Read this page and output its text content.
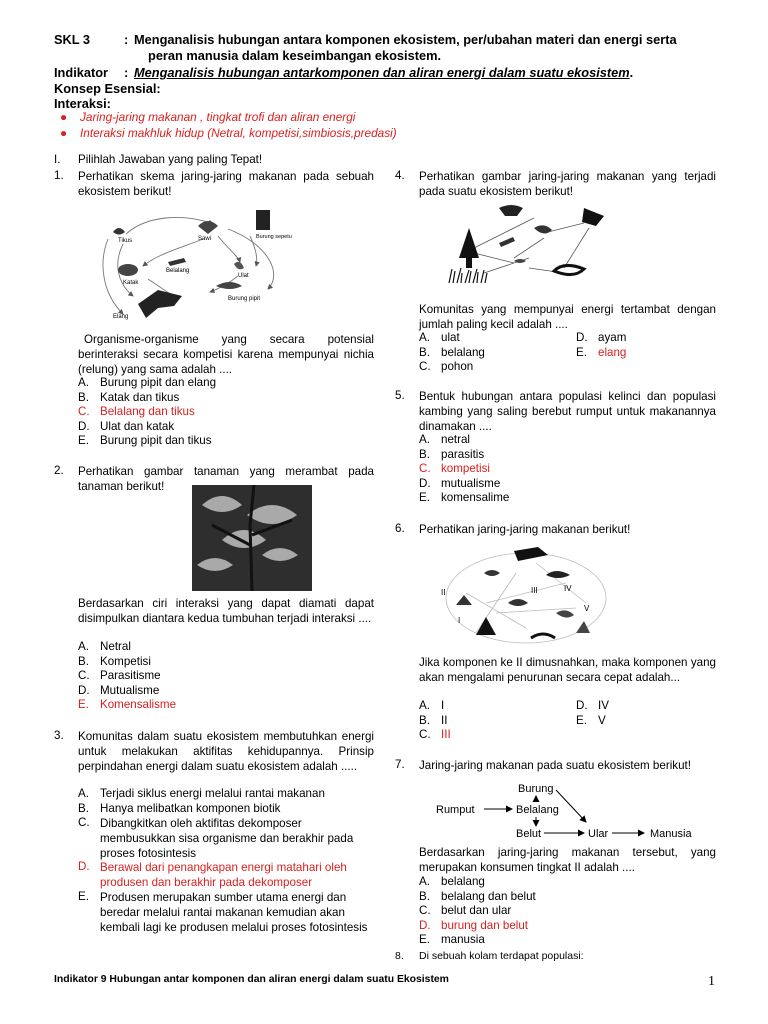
SKL 3	: Menganalisis hubungan antara komponen ekosistem, per/ubahan materi dan energi serta
peran manusia dalam keseimbangan ekosistem.
Indikator : Menganalisis hubungan antarkomponen dan aliran energi dalam suatu ekosistem.
Konsep Esensial:
Interaksi:
● Jaring-jaring makanan , tingkat trofi dan aliran energi
● Interaksi makhluk hidup (Netral, kompetisi,simbiosis,predasi)
I. Pilihlah Jawaban yang paling Tepat!
1. Perhatikan skema jaring-jaring makanan pada sebuah ekosistem berikut!
Tikus	Sawi	Burung sepetu
Belalang
Katak
Ulat
Burung pipit
Elang
Organisme-organisme yang secara potensial berinteraksi secara kompetisi karena mempunyai nichia (relung) yang sama adalah ....
A. Burung pipit dan elang
B. Katak dan tikus
C. Belalang dan tikus
D. Ulat dan katak
E. Burung pipit dan tikus
2. Perhatikan gambar tanaman yang merambat pada tanaman berikut!
Berdasarkan ciri interaksi yang dapat diamati dapat disimpulkan diantara kedua tumbuhan terjadi interaksi ....
A. Netral
B. Kompetisi
C. Parasitisme
D. Mutualisme
E. Komensalisme
3. Komunitas dalam suatu ekosistem membutuhkan energi untuk melakukan aktifitas kehidupannya. Prinsip perpindahan energi dalam suatu ekosistem adalah .....
A. Terjadi siklus energi melalui rantai makanan
B. Hanya melibatkan komponen biotik
C. Dibangkitkan oleh aktifitas dekomposer membusukkan sisa organisme dan berakhir pada proses fotosintesis
D. Berawal dari penangkapan energi matahari oleh produsen dan berakhir pada dekomposer
E. Produsen merupakan sumber utama energi dan beredar melalui rantai makanan kemudian akan kembali lagi ke produsen melalui proses fotosintesis
4. Perhatikan gambar jaring-jaring makanan yang terjadi pada suatu ekosistem berikut!
Komunitas yang mempunyai energi tertambat dengan jumlah paling kecil adalah ....
A. ulat	D. ayam
B. belalang	E. elang
C. pohon
5. Bentuk hubungan antara populasi kelinci dan populasi kambing yang saling berebut rumput untuk makanannya dinamakan ....
A. netral
B. parasitis
C. kompetisi
D. mutualisme
E. komensalime
6. Perhatikan jaring-jaring makanan berikut!
II
I
III	IV
V
Jika komponen ke II dimusnahkan, maka komponen yang akan mengalami penurunan secara cepat adalah...
A. I	D. IV
B. II	E. V
C. III
7. Jaring-jaring makanan pada suatu ekosistem berikut!
Burung
Rumput	Belalang
Belut	Ular	Manusia
Berdasarkan jaring-jaring makanan tersebut, yang merupakan konsumen tingkat II adalah ....
A. belalang
B. belalang dan belut
C. belut dan ular
D. burung dan belut
E. manusia
8. Di sebuah kolam terdapat populasi:
Indikator 9 Hubungan antar komponen dan aliran energi dalam suatu Ekosistem	1
